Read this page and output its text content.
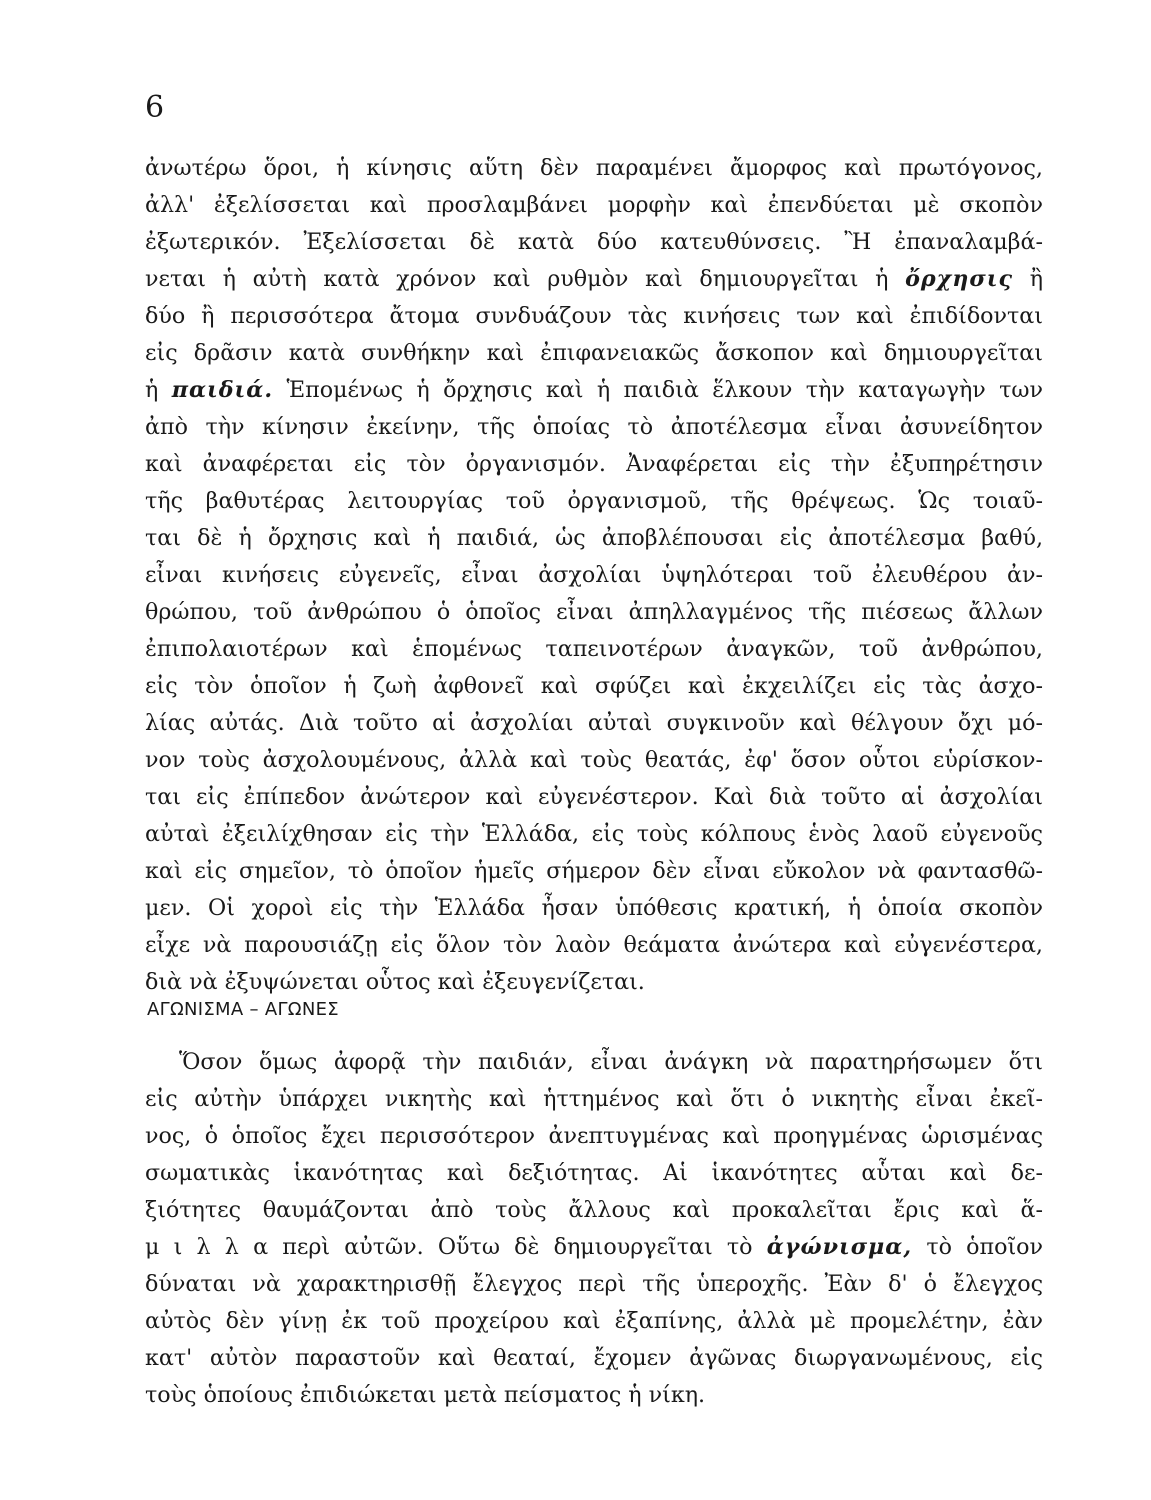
6
ἀνωτέρω ὅροι, ἡ κίνησις αὕτη δὲν παραμένει ἄμορφος καὶ πρωτόγονος,
ἀλλ' ἐξελίσσεται καὶ προσλαμβάνει μορφὴν καὶ ἐπενδύεται μὲ σκοπὸν
ἐξωτερικόν. Ἐξελίσσεται δὲ κατὰ δύο κατευθύνσεις. Ἢ ἐπαναλαμβά-
νεται ἡ αὐτὴ κατὰ χρόνον καὶ ρυθμὸν καὶ δημιουργεῖται ἡ ὄρχησις ἢ
δύο ἢ περισσότερα ἄτομα συνδυάζουν τὰς κινήσεις των καὶ ἐπιδίδονται
εἰς δρᾶσιν κατὰ συνθήκην καὶ ἐπιφανειακῶς ἄσκοπον καὶ δημιουργεῖται
ἡ παιδιά. Ἑπομένως ἡ ὄρχησις καὶ ἡ παιδιὰ ἕλκουν τὴν καταγωγὴν των
ἀπὸ τὴν κίνησιν ἐκείνην, τῆς ὁποίας τὸ ἀποτέλεσμα εἶναι ἀσυνείδητον
καὶ ἀναφέρεται εἰς τὸν ὀργανισμόν. Ἀναφέρεται εἰς τὴν ἐξυπηρέτησιν
τῆς βαθυτέρας λειτουργίας τοῦ ὀργανισμοῦ, τῆς θρέψεως. Ὡς τοιαῦ-
ται δὲ ἡ ὄρχησις καὶ ἡ παιδιά, ὡς ἀποβλέπουσαι εἰς ἀποτέλεσμα βαθύ,
εἶναι κινήσεις εὐγενεῖς, εἶναι ἀσχολίαι ὑψηλότεραι τοῦ ἐλευθέρου ἀν-
θρώπου, τοῦ ἀνθρώπου ὁ ὁποῖος εἶναι ἀπηλλαγμένος τῆς πιέσεως ἄλλων
ἐπιπολαιοτέρων καὶ ἑπομένως ταπεινοτέρων ἀναγκῶν, τοῦ ἀνθρώπου,
εἰς τὸν ὁποῖον ἡ ζωὴ ἀφθονεῖ καὶ σφύζει καὶ ἐκχειλίζει εἰς τὰς ἀσχο-
λίας αὐτάς. Διὰ τοῦτο αἱ ἀσχολίαι αὐταὶ συγκινοῦν καὶ θέλγουν ὄχι μό-
νον τοὺς ἀσχολουμένους, ἀλλὰ καὶ τοὺς θεατάς, ἐφ' ὅσον οὗτοι εὑρίσκον-
ται εἰς ἐπίπεδον ἀνώτερον καὶ εὐγενέστερον. Καὶ διὰ τοῦτο αἱ ἀσχολίαι
αὐταὶ ἐξειλίχθησαν εἰς τὴν Ἑλλάδα, εἰς τοὺς κόλπους ἑνὸς λαοῦ εὐγενοῦς
καὶ εἰς σημεῖον, τὸ ὁποῖον ἡμεῖς σήμερον δὲν εἶναι εὔκολον νὰ φαντασθῶ-
μεν. Οἱ χοροὶ εἰς τὴν Ἑλλάδα ἦσαν ὑπόθεσις κρατική, ἡ ὁποία σκοπὸν
εἶχε νὰ παρουσιάζῃ εἰς ὅλον τὸν λαὸν θεάματα ἀνώτερα καὶ εὐγενέστερα,
διὰ νὰ ἐξυψώνεται οὗτος καὶ ἐξευγενίζεται.
ΑΓΩΝΙΣΜΑ – ΑΓΩΝΕΣ
Ὅσον ὅμως ἀφορᾷ τὴν παιδιάν, εἶναι ἀνάγκη νὰ παρατηρήσωμεν ὅτι
εἰς αὐτὴν ὑπάρχει νικητὴς καὶ ἡττημένος καὶ ὅτι ὁ νικητὴς εἶναι ἐκεῖ-
νος, ὁ ὁποῖος ἔχει περισσότερον ἀνεπτυγμένας καὶ προηγμένας ὡρισμένας
σωματικὰς ἱκανότητας καὶ δεξιότητας. Αἱ ἱκανότητες αὗται καὶ δε-
ξιότητες θαυμάζονται ἀπὸ τοὺς ἄλλους καὶ προκαλεῖται ἔρις καὶ ἅ-
μ ι λ λ α περὶ αὐτῶν. Οὕτω δὲ δημιουργεῖται τὸ ἀγώνισμα, τὸ ὁποῖον
δύναται νὰ χαρακτηρισθῇ ἔλεγχος περὶ τῆς ὑπεροχῆς. Ἐὰν δ' ὁ ἔλεγχος
αὐτὸς δὲν γίνῃ ἐκ τοῦ προχείρου καὶ ἐξαπίνης, ἀλλὰ μὲ προμελέτην, ἐὰν
κατ' αὐτὸν παραστοῦν καὶ θεαταί, ἔχομεν ἀγῶνας διωργανωμένους, εἰς
τοὺς ὁποίους ἐπιδιώκεται μετὰ πείσματος ἡ νίκη.
